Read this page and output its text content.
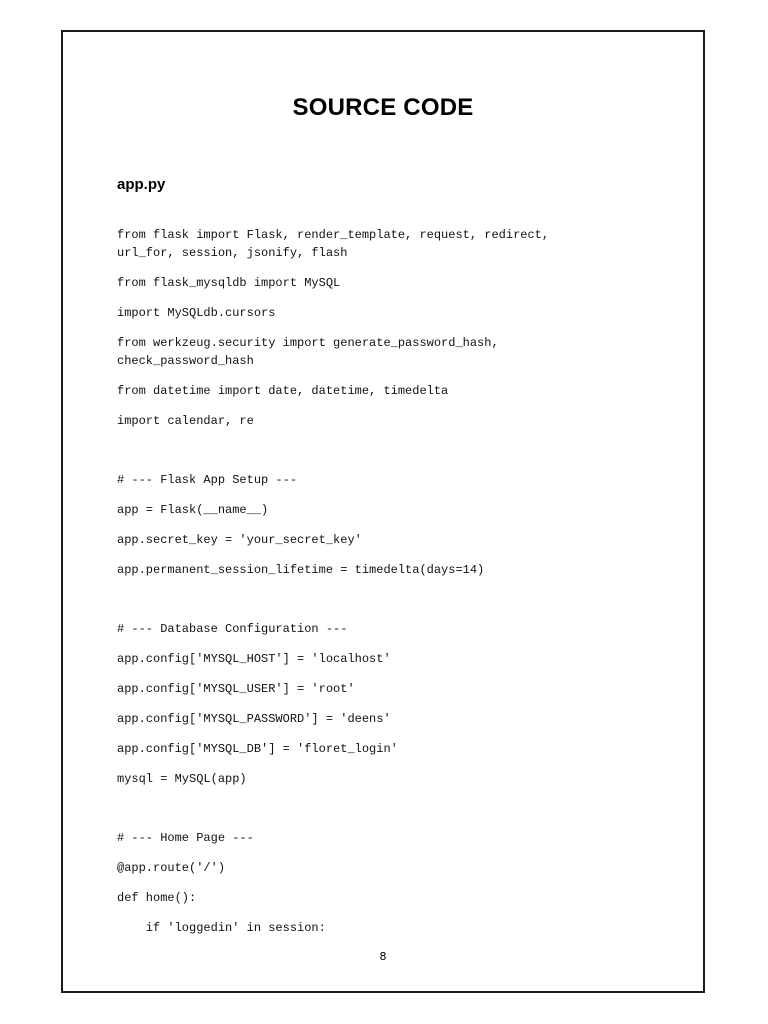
SOURCE CODE
app.py

from flask import Flask, render_template, request, redirect,

url_for, session, jsonify, flash

from flask_mysqldb import MySQL

import MySQLdb.cursors

from werkzeug.security import generate_password_hash,

check_password_hash

from datetime import date, datetime, timedelta

import calendar, re

# --- Flask App Setup ---

app = Flask(__name__)

app.secret_key = 'your_secret_key'

app.permanent_session_lifetime = timedelta(days=14)

# --- Database Configuration ---

app.config['MYSQL_HOST'] = 'localhost'

app.config['MYSQL_USER'] = 'root'

app.config['MYSQL_PASSWORD'] = 'deens'

app.config['MYSQL_DB'] = 'floret_login'

mysql = MySQL(app)

# --- Home Page ---

@app.route('/')

def home():

if 'loggedin' in session:

8
